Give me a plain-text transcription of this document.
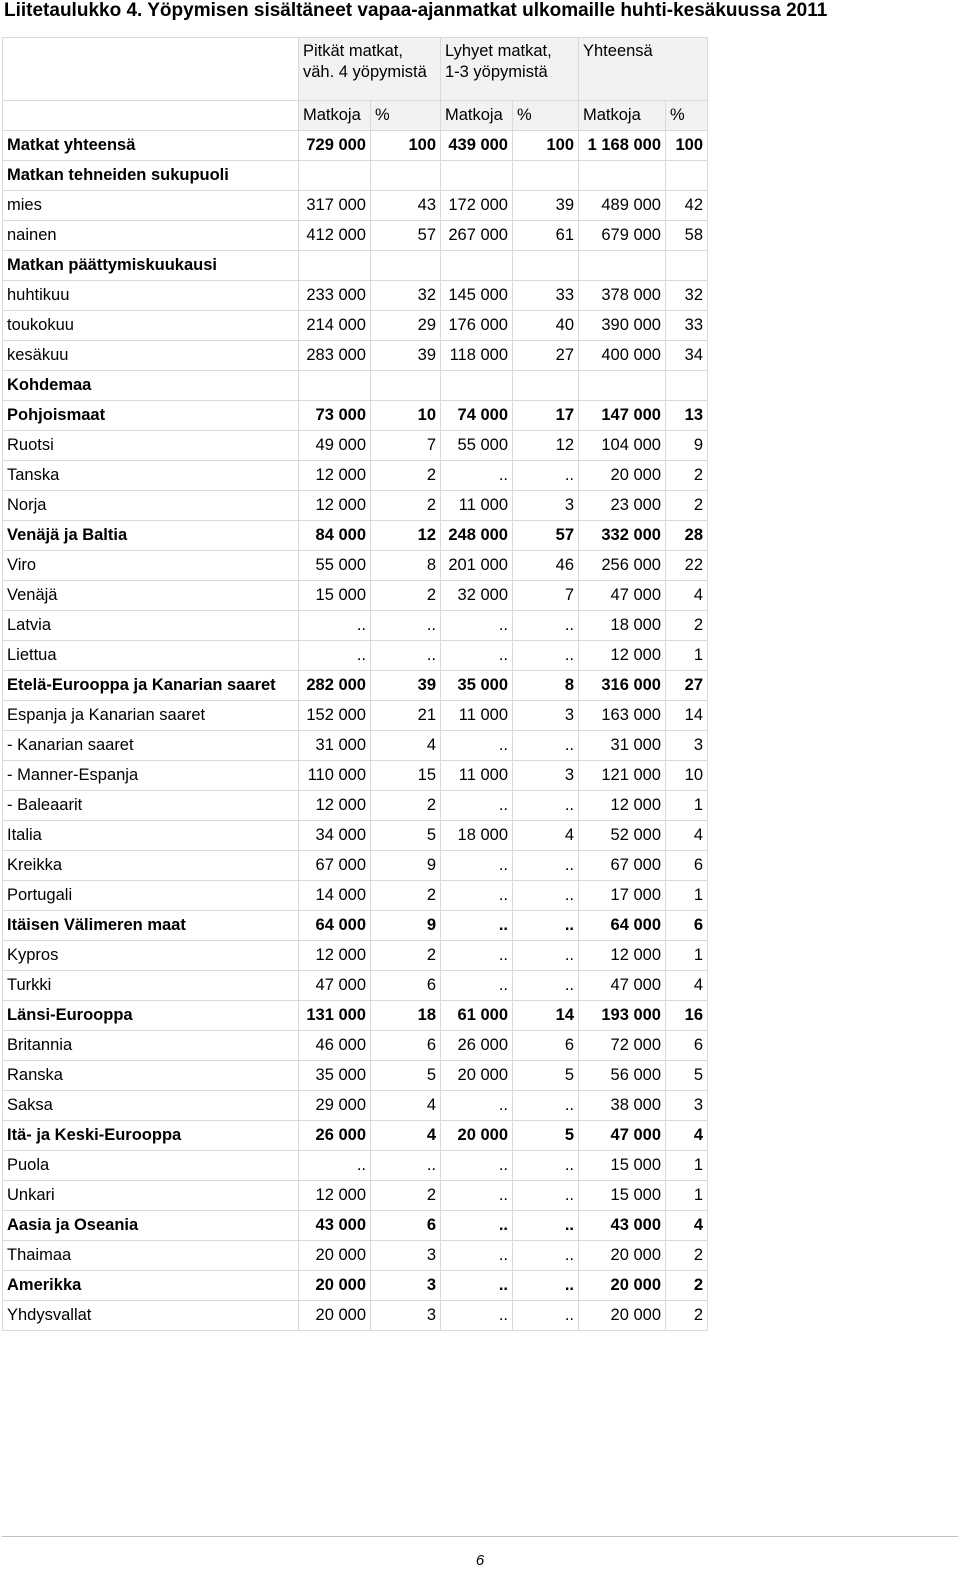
Liitetaulukko 4. Yöpymisen sisältäneet vapaa-ajanmatkat ulkomaille huhti-kesäkuussa 2011

	Pitkät matkat,
väh. 4 yöpymistä		Lyhyet matkat,
1-3 yöpymistä		Yhteensä	

	Matkoja	%	Matkoja	%	Matkoja	%
Matkat yhteensä	729 000	100	439 000	100	1 168 000	100
Matkan tehneiden sukupuoli						
mies	317 000	43	172 000	39	489 000	42
nainen	412 000	57	267 000	61	679 000	58
Matkan päättymiskuukausi						
huhtikuu	233 000	32	145 000	33	378 000	32
toukokuu	214 000	29	176 000	40	390 000	33
kesäkuu	283 000	39	118 000	27	400 000	34
Kohdemaa						
Pohjoismaat	73 000	10	74 000	17	147 000	13
Ruotsi	49 000	7	55 000	12	104 000	9
Tanska	12 000	2	..	..	20 000	2
Norja	12 000	2	11 000	3	23 000	2
Venäjä ja Baltia	84 000	12	248 000	57	332 000	28
Viro	55 000	8	201 000	46	256 000	22
Venäjä	15 000	2	32 000	7	47 000	4
Latvia	..	..	..	..	18 000	2
Liettua	..	..	..	..	12 000	1
Etelä-Eurooppa ja Kanarian saaret	282 000	39	35 000	8	316 000	27
Espanja ja Kanarian saaret	152 000	21	11 000	3	163 000	14
- Kanarian saaret	31 000	4	..	..	31 000	3
- Manner-Espanja	110 000	15	11 000	3	121 000	10
- Baleaarit	12 000	2	..	..	12 000	1
Italia	34 000	5	18 000	4	52 000	4
Kreikka	67 000	9	..	..	67 000	6
Portugali	14 000	2	..	..	17 000	1
Itäisen Välimeren maat	64 000	9	..	..	64 000	6
Kypros	12 000	2	..	..	12 000	1
Turkki	47 000	6	..	..	47 000	4
Länsi-Eurooppa	131 000	18	61 000	14	193 000	16
Britannia	46 000	6	26 000	6	72 000	6
Ranska	35 000	5	20 000	5	56 000	5
Saksa	29 000	4	..	..	38 000	3
Itä- ja Keski-Eurooppa	26 000	4	20 000	5	47 000	4
Puola	..	..	..	..	15 000	1
Unkari	12 000	2	..	..	15 000	1
Aasia ja Oseania	43 000	6	..	..	43 000	4
Thaimaa	20 000	3	..	..	20 000	2
Amerikka	20 000	3	..	..	20 000	2
Yhdysvallat	20 000	3	..	..	20 000	2
6
